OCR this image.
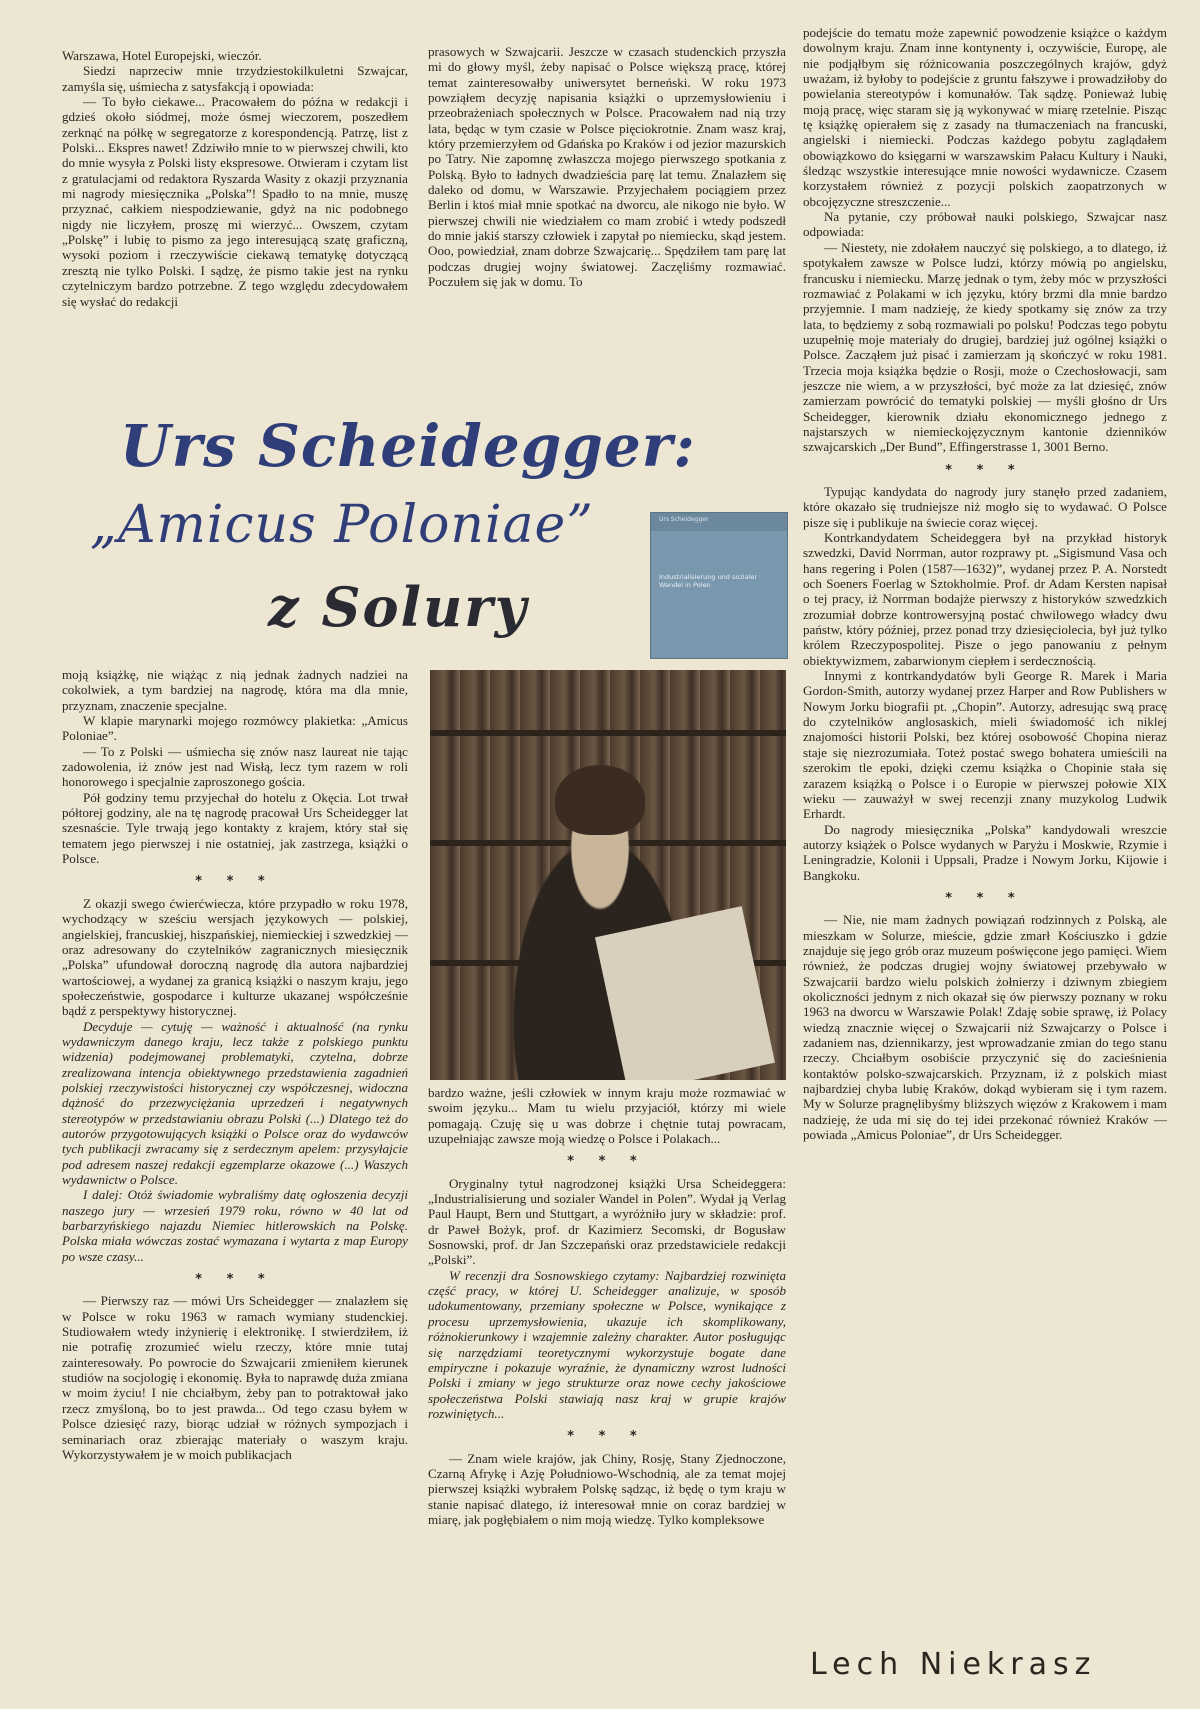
Warszawa, Hotel Europejski, wieczór.

Siedzi naprzeciw mnie trzydziestokilkuletni Szwajcar, zamyśla się, uśmiecha z satysfakcją i opowiada:

— To było ciekawe... Pracowałem do późna w redakcji i gdzieś około siódmej, może ósmej wieczorem, poszedłem zerknąć na półkę w segregatorze z korespondencją. Patrzę, list z Polski... Ekspres nawet! Zdziwiło mnie to w pierwszej chwili, kto do mnie wysyła z Polski listy ekspresowe. Otwieram i czytam list z gratulacjami od redaktora Ryszarda Wasity z okazji przyznania mi nagrody miesięcznika „Polska”! Spadło to na mnie, muszę przyznać, całkiem niespodziewanie, gdyż na nic podobnego nigdy nie liczyłem, proszę mi wierzyć... Owszem, czytam „Polskę” i lubię to pismo za jego interesującą szatę graficzną, wysoki poziom i rzeczywiście ciekawą tematykę dotyczącą zresztą nie tylko Polski. I sądzę, że pismo takie jest na rynku czytelniczym bardzo potrzebne. Z tego względu zdecydowałem się wysłać do redakcji

prasowych w Szwajcarii. Jeszcze w czasach studenckich przyszła mi do głowy myśl, żeby napisać o Polsce większą pracę, której temat zainteresowałby uniwersytet berneński. W roku 1973 powziąłem decyzję napisania książki o uprzemysłowieniu i przeobrażeniach społecznych w Polsce. Pracowałem nad nią trzy lata, będąc w tym czasie w Polsce pięciokrotnie. Znam wasz kraj, który przemierzyłem od Gdańska po Kraków i od jezior mazurskich po Tatry. Nie zapomnę zwłaszcza mojego pierwszego spotkania z Polską. Było to ładnych dwadzieścia parę lat temu. Znalazłem się daleko od domu, w Warszawie. Przyjechałem pociągiem przez Berlin i ktoś miał mnie spotkać na dworcu, ale nikogo nie było. W pierwszej chwili nie wiedziałem co mam zrobić i wtedy podszedł do mnie jakiś starszy człowiek i zapytał po niemiecku, skąd jestem. Ooo, powiedział, znam dobrze Szwajcarię... Spędziłem tam parę lat podczas drugiej wojny światowej. Zaczęliśmy rozmawiać. Poczułem się jak w domu. To

podejście do tematu może zapewnić powodzenie książce o każdym dowolnym kraju. Znam inne kontynenty i, oczywiście, Europę, ale nie podjąłbym się różnicowania poszczególnych krajów, gdyż uważam, iż byłoby to podejście z gruntu fałszywe i prowadziłoby do powielania stereotypów i komunałów. Tak sądzę. Ponieważ lubię moją pracę, więc staram się ją wykonywać w miarę rzetelnie. Pisząc tę książkę opierałem się z zasady na tłumaczeniach na francuski, angielski i niemiecki. Podczas każdego pobytu zaglądałem obowiązkowo do księgarni w warszawskim Pałacu Kultury i Nauki, śledząc wszystkie interesujące mnie nowości wydawnicze. Czasem korzystałem również z pozycji polskich zaopatrzonych w obcojęzyczne streszczenie...

Na pytanie, czy próbował nauki polskiego, Szwajcar nasz odpowiada:

— Niestety, nie zdołałem nauczyć się polskiego, a to dlatego, iż spotykałem zawsze w Polsce ludzi, którzy mówią po angielsku, francusku i niemiecku. Marzę jednak o tym, żeby móc w przyszłości rozmawiać z Polakami w ich języku, który brzmi dla mnie bardzo przyjemnie. I mam nadzieję, że kiedy spotkamy się znów za trzy lata, to będziemy z sobą rozmawiali po polsku! Podczas tego pobytu uzupełnię moje materiały do drugiej, bardziej już ogólnej książki o Polsce. Zacząłem już pisać i zamierzam ją skończyć w roku 1981. Trzecia moja książka będzie o Rosji, może o Czechosłowacji, sam jeszcze nie wiem, a w przyszłości, być może za lat dziesięć, znów zamierzam powrócić do tematyki polskiej — myśli głośno dr Urs Scheidegger, kierownik działu ekonomicznego jednego z najstarszych w niemieckojęzycznym kantonie dzienników szwajcarskich „Der Bund”, Effingerstrasse 1, 3001 Berno.

* * *

Typując kandydata do nagrody jury stanęło przed zadaniem, które okazało się trudniejsze niż mogło się to wydawać. O Polsce pisze się i publikuje na świecie coraz więcej.

Kontrkandydatem Scheideggera był na przykład historyk szwedzki, David Norrman, autor rozprawy pt. „Sigismund Vasa och hans regering i Polen (1587—1632)”, wydanej przez P. A. Norstedt och Soeners Foerlag w Sztokholmie. Prof. dr Adam Kersten napisał o tej pracy, iż Norrman bodajże pierwszy z historyków szwedzkich zrozumiał dobrze kontrowersyjną postać chwilowego władcy dwu państw, który później, przez ponad trzy dziesięciolecia, był już tylko królem Rzeczypospolitej. Pisze o jego panowaniu z pełnym obiektywizmem, zabarwionym ciepłem i serdecznością.

Innymi z kontrkandydatów byli George R. Marek i Maria Gordon-Smith, autorzy wydanej przez Harper and Row Publishers w Nowym Jorku biografii pt. „Chopin”. Autorzy, adresując swą pracę do czytelników anglosaskich, mieli świadomość ich niklej znajomości historii Polski, bez której osobowość Chopina nieraz staje się niezrozumiała. Toteż postać swego bohatera umieścili na szerokim tle epoki, dzięki czemu książka o Chopinie stała się zarazem książką o Polsce i o Europie w pierwszej połowie XIX wieku — zauważył w swej recenzji znany muzykolog Ludwik Erhardt.

Do nagrody miesięcznika „Polska” kandydowali wreszcie autorzy książek o Polsce wydanych w Paryżu i Moskwie, Rzymie i Leningradzie, Kolonii i Uppsali, Pradze i Nowym Jorku, Kijowie i Bangkoku.

* * *

— Nie, nie mam żadnych powiązań rodzinnych z Polską, ale mieszkam w Solurze, mieście, gdzie zmarł Kościuszko i gdzie znajduje się jego grób oraz muzeum poświęcone jego pamięci. Wiem również, że podczas drugiej wojny światowej przebywało w Szwajcarii bardzo wielu polskich żołnierzy i dziwnym zbiegiem okoliczności jednym z nich okazał się ów pierwszy poznany w roku 1963 na dworcu w Warszawie Polak! Zdaję sobie sprawę, iż Polacy wiedzą znacznie więcej o Szwajcarii niż Szwajcarzy o Polsce i zadaniem nas, dziennikarzy, jest wprowadzanie zmian do tego stanu rzeczy. Chciałbym osobiście przyczynić się do zacieśnienia kontaktów polsko-szwajcarskich. Przyznam, iż z polskich miast najbardziej chyba lubię Kraków, dokąd wybieram się i tym razem. My w Solurze pragnęlibyśmy bliższych więzów z Krakowem i mam nadzieję, że uda mi się do tej idei przekonać również Kraków — powiada „Amicus Poloniae”, dr Urs Scheidegger.

Urs Scheidegger:
„Amicus Poloniae”
z Solury
Urs Scheidegger
Industrialisierung und sozialer Wandel in Polen

moją książkę, nie wiążąc z nią jednak żadnych nadziei na cokolwiek, a tym bardziej na nagrodę, która ma dla mnie, przyznam, znaczenie specjalne.

W klapie marynarki mojego rozmówcy plakietka: „Amicus Poloniae”.

— To z Polski — uśmiecha się znów nasz laureat nie tając zadowolenia, iż znów jest nad Wisłą, lecz tym razem w roli honorowego i specjalnie zaproszonego gościa.

Pół godziny temu przyjechał do hotelu z Okęcia. Lot trwał półtorej godziny, ale na tę nagrodę pracował Urs Scheidegger lat szesnaście. Tyle trwają jego kontakty z krajem, który stał się tematem jego pierwszej i nie ostatniej, jak zastrzega, książki o Polsce.

* * *

Z okazji swego ćwierćwiecza, które przypadło w roku 1978, wychodzący w sześciu wersjach językowych — polskiej, angielskiej, francuskiej, hiszpańskiej, niemieckiej i szwedzkiej — oraz adresowany do czytelników zagranicznych miesięcznik „Polska” ufundował doroczną nagrodę dla autora najbardziej wartościowej, a wydanej za granicą książki o naszym kraju, jego społeczeństwie, gospodarce i kulturze ukazanej współcześnie bądź z perspektywy historycznej.

Decyduje — cytuję — ważność i aktualność (na rynku wydawniczym danego kraju, lecz także z polskiego punktu widzenia) podejmowanej problematyki, czytelna, dobrze zrealizowana intencja obiektywnego przedstawienia zagadnień polskiej rzeczywistości historycznej czy współczesnej, widoczna dążność do przezwyciężania uprzedzeń i negatywnych stereotypów w przedstawianiu obrazu Polski (...) Dlatego też do autorów przygotowujących książki o Polsce oraz do wydawców tych publikacji zwracamy się z serdecznym apelem: przysyłajcie pod adresem naszej redakcji egzemplarze okazowe (...) Waszych wydawnictw o Polsce.

I dalej: Otóż świadomie wybraliśmy datę ogłoszenia decyzji naszego jury — wrzesień 1979 roku, równo w 40 lat od barbarzyńskiego najazdu Niemiec hitlerowskich na Polskę. Polska miała wówczas zostać wymazana i wytarta z map Europy po wsze czasy...

* * *

— Pierwszy raz — mówi Urs Scheidegger — znalazłem się w Polsce w roku 1963 w ramach wymiany studenckiej. Studiowałem wtedy inżynierię i elektronikę. I stwierdziłem, iż nie potrafię zrozumieć wielu rzeczy, które mnie tutaj zainteresowały. Po powrocie do Szwajcarii zmieniłem kierunek studiów na socjologię i ekonomię. Była to naprawdę duża zmiana w moim życiu! I nie chciałbym, żeby pan to potraktował jako rzecz zmyśloną, bo to jest prawda... Od tego czasu byłem w Polsce dziesięć razy, biorąc udział w różnych sympozjach i seminariach oraz zbierając materiały o waszym kraju. Wykorzystywałem je w moich publikacjach

bardzo ważne, jeśli człowiek w innym kraju może rozmawiać w swoim języku... Mam tu wielu przyjaciół, którzy mi wiele pomagają. Czuję się u was dobrze i chętnie tutaj powracam, uzupełniając zawsze moją wiedzę o Polsce i Polakach...

* * *

Oryginalny tytuł nagrodzonej książki Ursa Scheideggera: „Industrialisierung und sozialer Wandel in Polen”. Wydał ją Verlag Paul Haupt, Bern und Stuttgart, a wyróżniło jury w składzie: prof. dr Paweł Bożyk, prof. dr Kazimierz Secomski, dr Bogusław Sosnowski, prof. dr Jan Szczepański oraz przedstawiciele redakcji „Polski”.

W recenzji dra Sosnowskiego czytamy: Najbardziej rozwinięta część pracy, w której U. Scheidegger analizuje, w sposób udokumentowany, przemiany społeczne w Polsce, wynikające z procesu uprzemysłowienia, ukazuje ich skomplikowany, różnokierunkowy i wzajemnie zależny charakter. Autor posługując się narzędziami teoretycznymi wykorzystuje bogate dane empiryczne i pokazuje wyraźnie, że dynamiczny wzrost ludności Polski i zmiany w jego strukturze oraz nowe cechy jakościowe społeczeństwa Polski stawiają nasz kraj w grupie krajów rozwiniętych...

* * *

— Znam wiele krajów, jak Chiny, Rosję, Stany Zjednoczone, Czarną Afrykę i Azję Południowo-Wschodnią, ale za temat mojej pierwszej książki wybrałem Polskę sądząc, iż będę o tym kraju w stanie napisać dlatego, iż interesował mnie on coraz bardziej w miarę, jak pogłębiałem o nim moją wiedzę. Tylko kompleksowe

Lech Niekrasz
